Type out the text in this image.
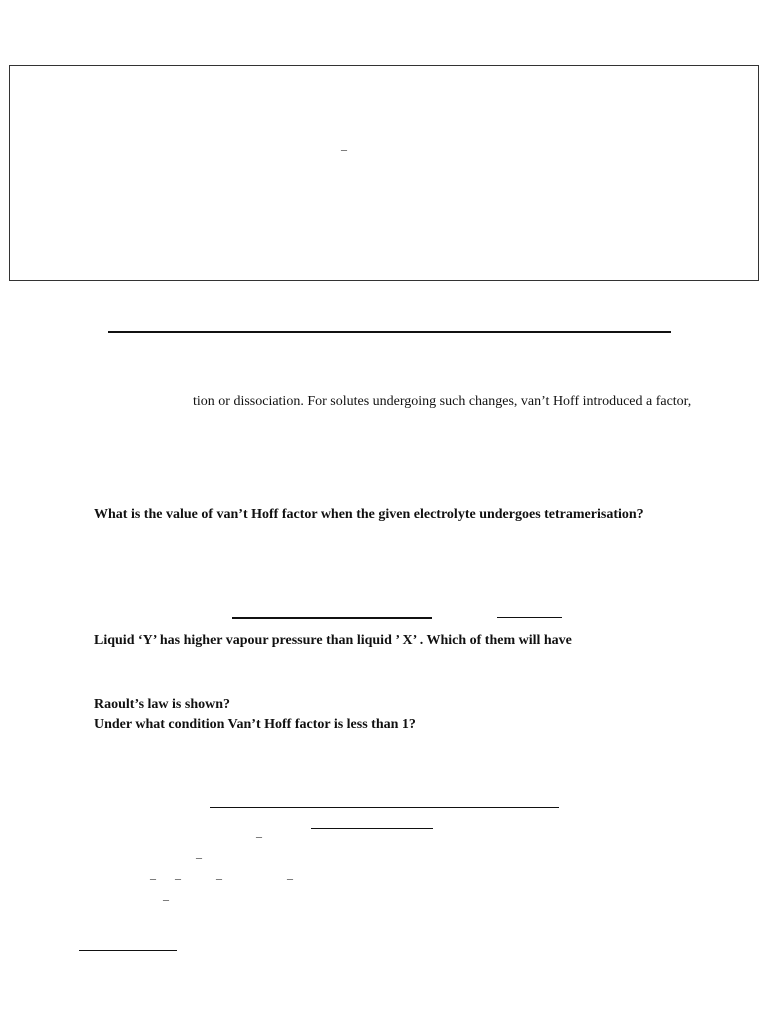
–
tion or dissociation. For solutes undergoing such changes, van’t Hoff introduced a factor,
What is the value of van’t Hoff factor when the given electrolyte undergoes tetramerisation?
Liquid ‘Y’ has higher vapour pressure than liquid ’ X’ . Which of them will have
Raoult’s law is shown?
Under what condition Van’t Hoff factor is less than 1?
–
–
– –	–	–
–
